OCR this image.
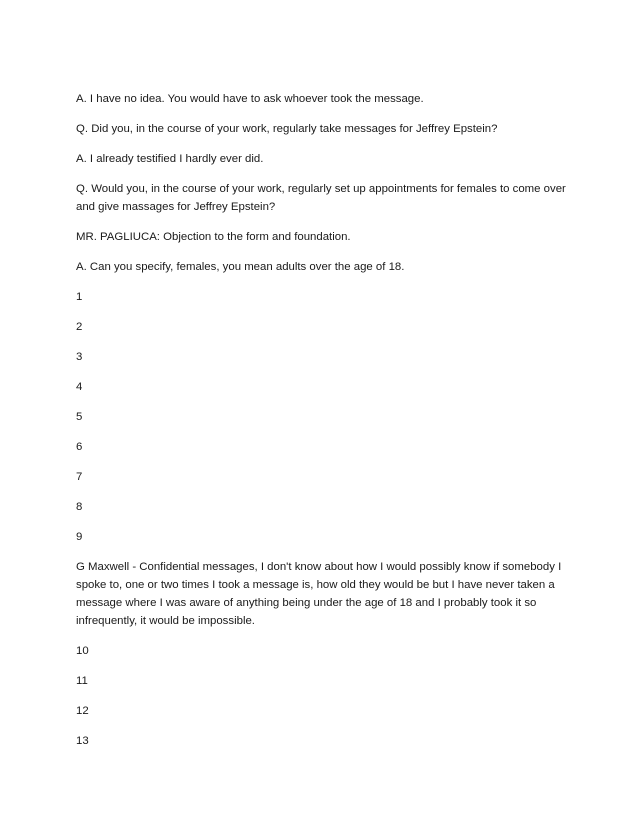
A. I have no idea. You would have to ask whoever took the message.

Q. Did you, in the course of your work, regularly take messages for Jeffrey Epstein?

A. I already testified I hardly ever did.

Q. Would you, in the course of your work, regularly set up appointments for females to come over and give massages for Jeffrey Epstein?

MR. PAGLIUCA: Objection to the form and foundation.

A. Can you specify, females, you mean adults over the age of 18.

1

2

3

4

5

6

7

8

9

G Maxwell - Confidential messages, I don't know about how I would possibly know if somebody I spoke to, one or two times I took a message is, how old they would be but I have never taken a message where I was aware of anything being under the age of 18 and I probably took it so infrequently, it would be impossible.

10

11

12

13
